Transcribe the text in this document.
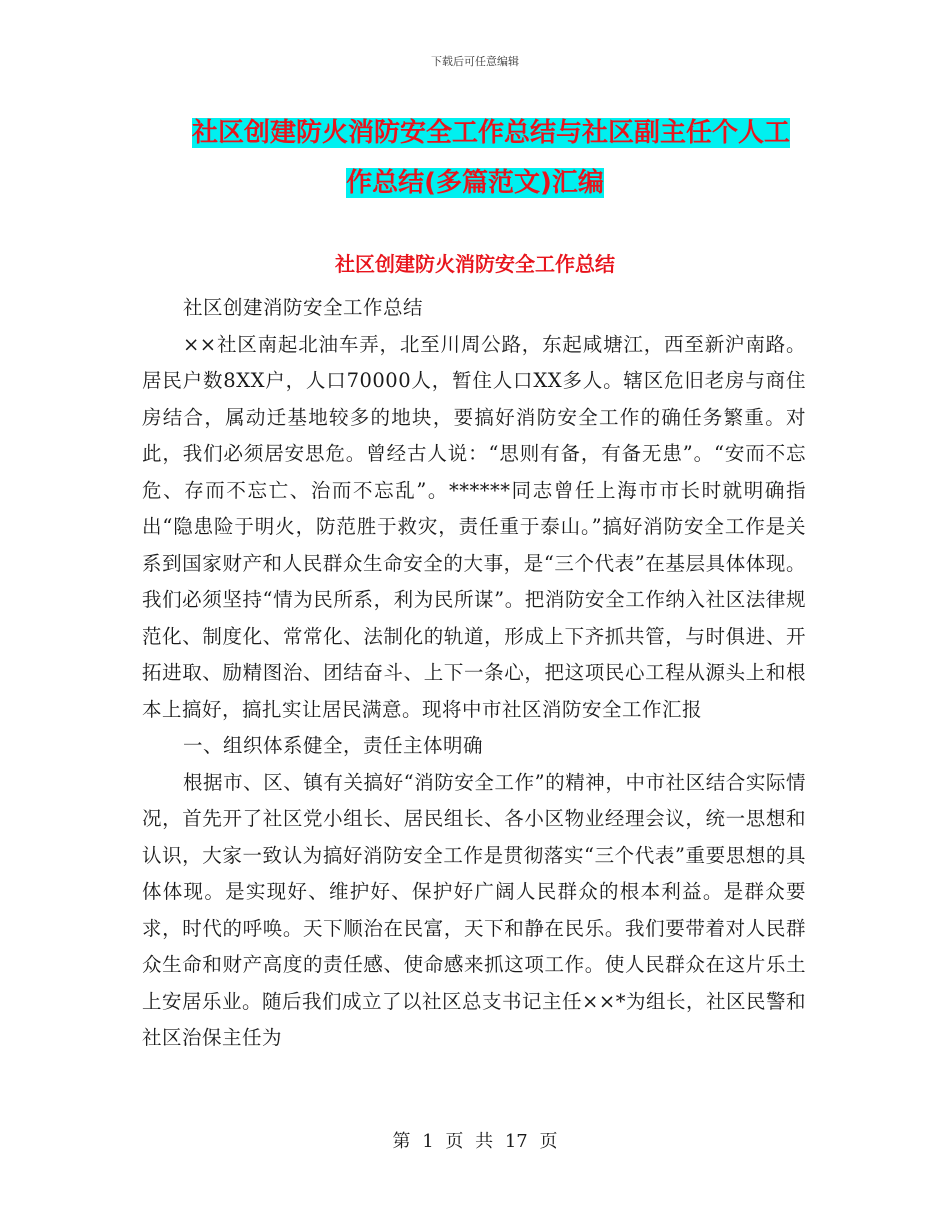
下载后可任意编辑
社区创建防火消防安全工作总结与社区副主任个人工
作总结(多篇范文)汇编
社区创建防火消防安全工作总结

社区创建消防安全工作总结

××社区南起北油车弄，北至川周公路，东起咸塘江，西至新沪南路。居民户数8XX户，人口70000人，暂住人口XX多人。辖区危旧老房与商住房结合，属动迁基地较多的地块，要搞好消防安全工作的确任务繁重。对此，我们必须居安思危。曾经古人说：“思则有备，有备无患”。“安而不忘危、存而不忘亡、治而不忘乱”。******同志曾任上海市市长时就明确指出“隐患险于明火，防范胜于救灾，责任重于泰山。”搞好消防安全工作是关系到国家财产和人民群众生命安全的大事，是“三个代表”在基层具体体现。我们必须坚持“情为民所系，利为民所谋”。把消防安全工作纳入社区法律规范化、制度化、常常化、法制化的轨道，形成上下齐抓共管，与时俱进、开拓进取、励精图治、团结奋斗、上下一条心，把这项民心工程从源头上和根本上搞好，搞扎实让居民满意。现将中市社区消防安全工作汇报

一、组织体系健全，责任主体明确

根据市、区、镇有关搞好“消防安全工作”的精神，中市社区结合实际情况，首先开了社区党小组长、居民组长、各小区物业经理会议，统一思想和认识，大家一致认为搞好消防安全工作是贯彻落实“三个代表”重要思想的具体体现。是实现好、维护好、保护好广阔人民群众的根本利益。是群众要求，时代的呼唤。天下顺治在民富，天下和静在民乐。我们要带着对人民群众生命和财产高度的责任感、使命感来抓这项工作。使人民群众在这片乐土上安居乐业。随后我们成立了以社区总支书记主任××*为组长，社区民警和社区治保主任为

第 1 页 共 17 页
